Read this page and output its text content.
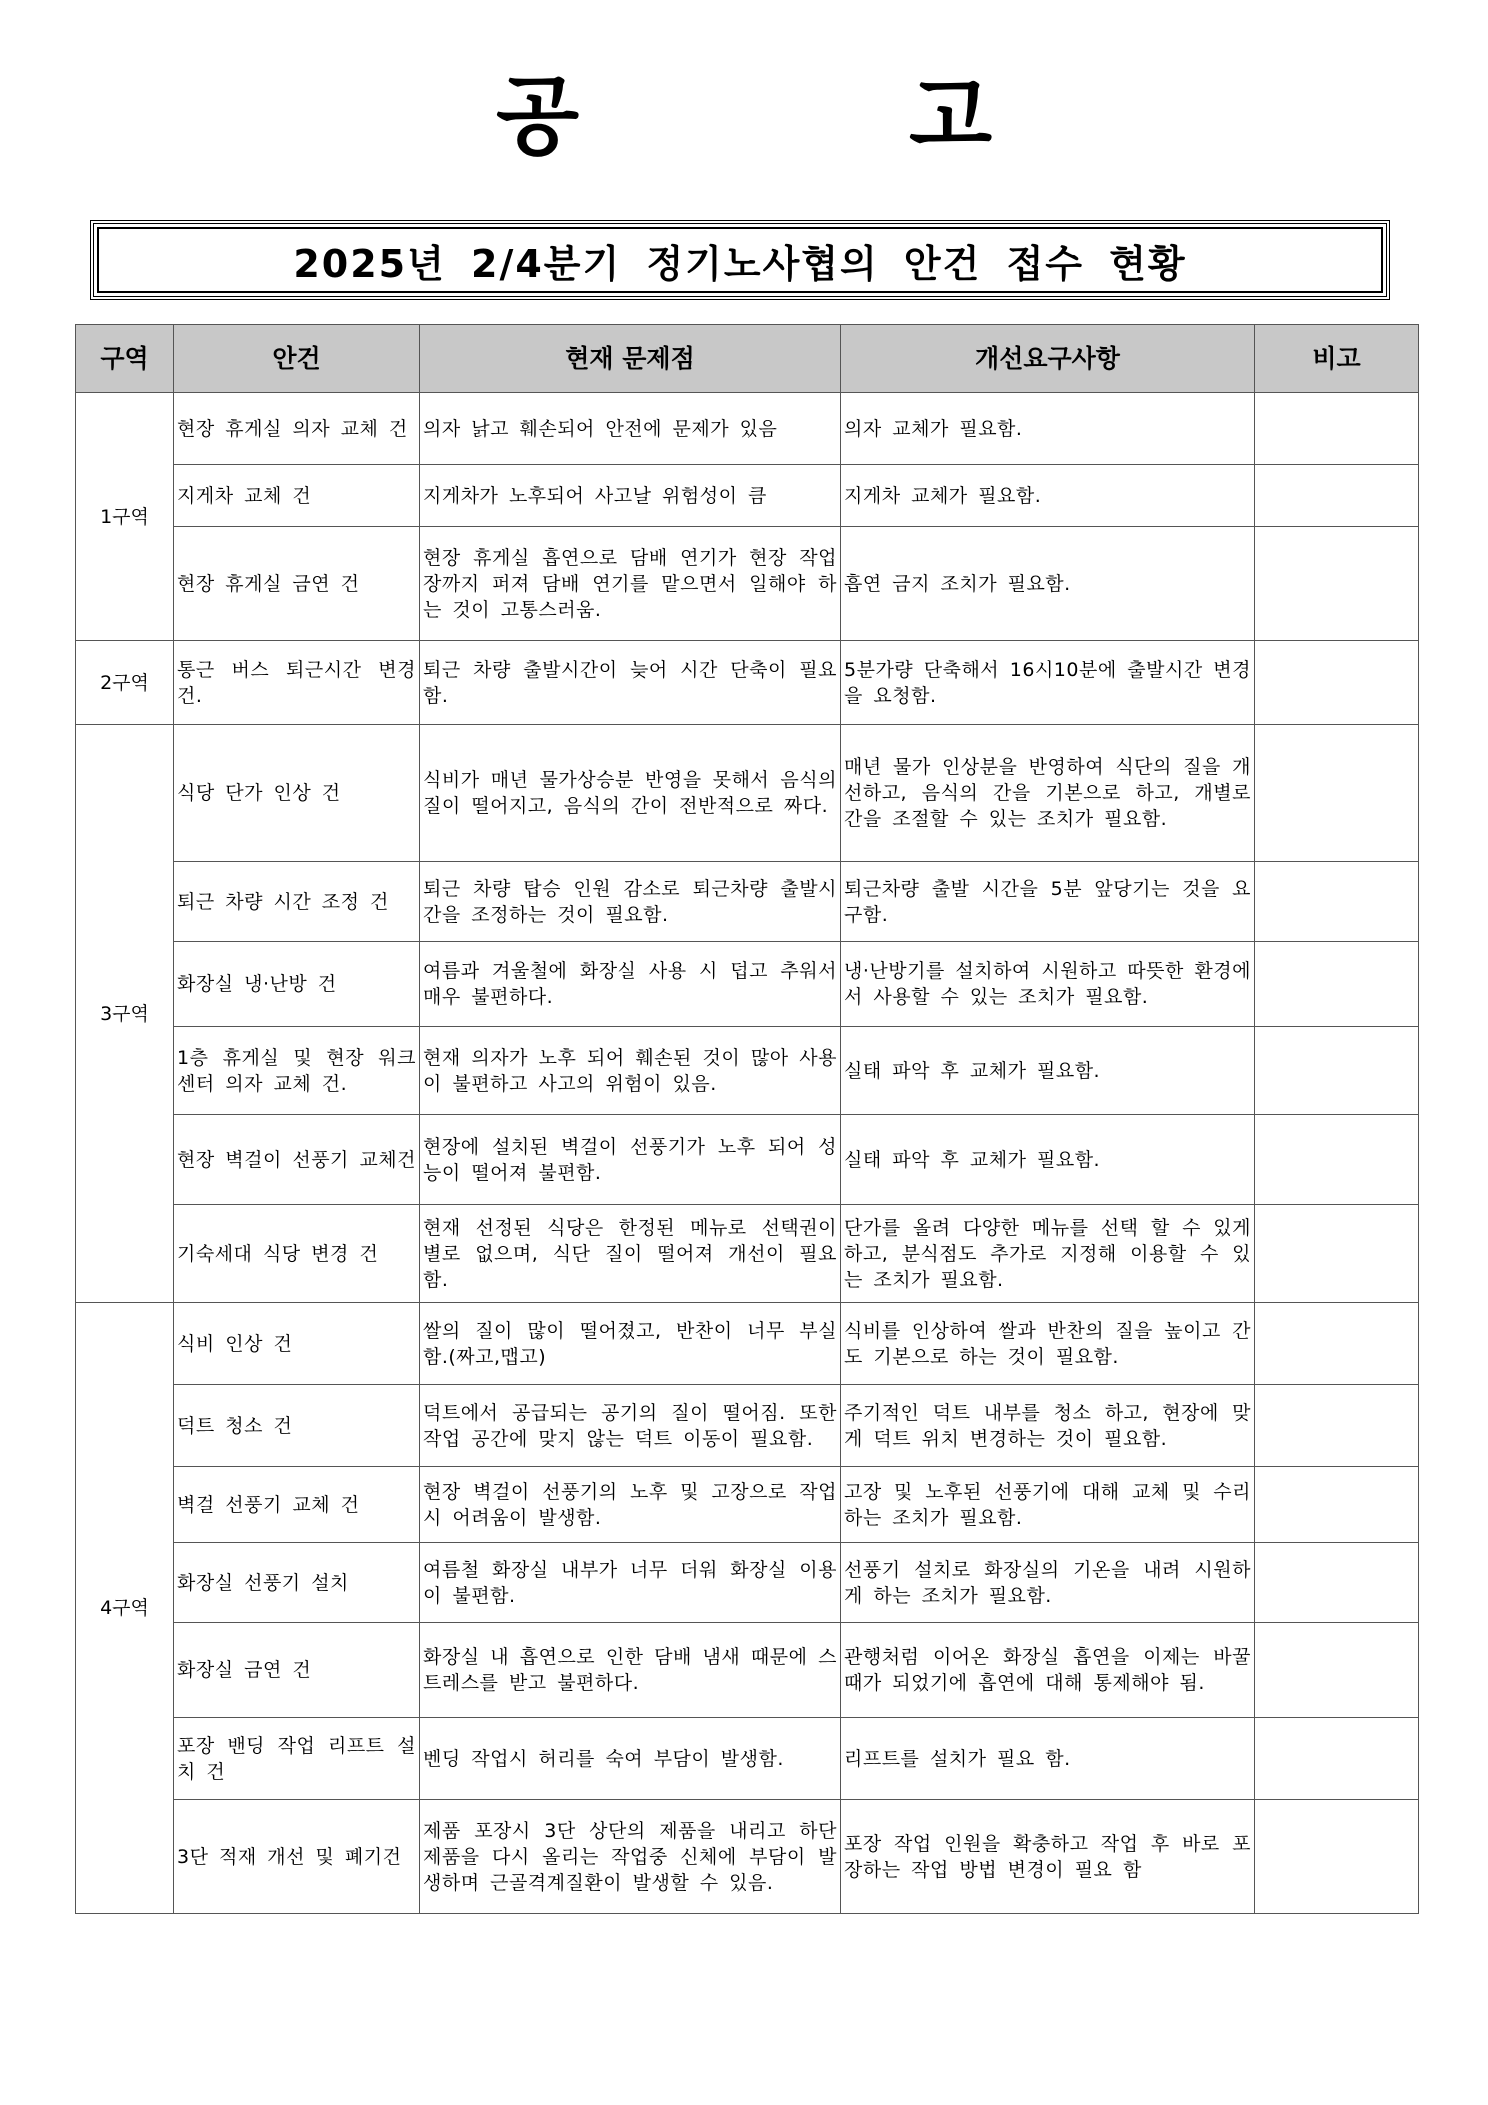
공 고
2025년 2/4분기 정기노사협의 안건 접수 현황
구역	안건	현재 문제점	개선요구사항	비고
1구역	현장 휴게실 의자 교체 건	의자 낡고 훼손되어 안전에 문제가 있음	의자 교체가 필요함.	
	지게차 교체 건	지게차가 노후되어 사고날 위험성이 큼	지게차 교체가 필요함.	
	현장 휴게실 금연 건	현장 휴게실 흡연으로 담배 연기가 현장 작업장까지 퍼져 담배 연기를 맡으면서 일해야 하는 것이 고통스러움.	흡연 금지 조치가 필요함.	
2구역	통근 버스 퇴근시간 변경 건.	퇴근 차량 출발시간이 늦어 시간 단축이 필요함.	5분가량 단축해서 16시10분에 출발시간 변경을 요청함.	
3구역	식당 단가 인상 건	식비가 매년 물가상승분 반영을 못해서 음식의 질이 떨어지고, 음식의 간이 전반적으로 짜다.	매년 물가 인상분을 반영하여 식단의 질을 개선하고, 음식의 간을 기본으로 하고, 개별로 간을 조절할 수 있는 조치가 필요함.	
	퇴근 차량 시간 조정 건	퇴근 차량 탑승 인원 감소로 퇴근차량 출발시간을 조정하는 것이 필요함.	퇴근차량 출발 시간을 5분 앞당기는 것을 요구함.	
	화장실 냉·난방 건	여름과 겨울철에 화장실 사용 시 덥고 추워서 매우 불편하다.	냉·난방기를 설치하여 시원하고 따뜻한 환경에서 사용할 수 있는 조치가 필요함.	
	1층 휴게실 및 현장 워크센터 의자 교체 건.	현재 의자가 노후 되어 훼손된 것이 많아 사용이 불편하고 사고의 위험이 있음.	실태 파악 후 교체가 필요함.	
	현장 벽걸이 선풍기 교체건	현장에 설치된 벽걸이 선풍기가 노후 되어 성능이 떨어져 불편함.	실태 파악 후 교체가 필요함.	
	기숙세대 식당 변경 건	현재 선정된 식당은 한정된 메뉴로 선택권이 별로 없으며, 식단 질이 떨어져 개선이 필요함.	단가를 올려 다양한 메뉴를 선택 할 수 있게 하고, 분식점도 추가로 지정해 이용할 수 있는 조치가 필요함.	
4구역	식비 인상 건	쌀의 질이 많이 떨어졌고, 반찬이 너무 부실함.(짜고,맵고)	식비를 인상하여 쌀과 반찬의 질을 높이고 간도 기본으로 하는 것이 필요함.	
	덕트 청소 건	덕트에서 공급되는 공기의 질이 떨어짐. 또한 작업 공간에 맞지 않는 덕트 이동이 필요함.	주기적인 덕트 내부를 청소 하고, 현장에 맞게 덕트 위치 변경하는 것이 필요함.	
	벽걸 선풍기 교체 건	현장 벽걸이 선풍기의 노후 및 고장으로 작업시 어려움이 발생함.	고장 및 노후된 선풍기에 대해 교체 및 수리하는 조치가 필요함.	
	화장실 선풍기 설치	여름철 화장실 내부가 너무 더워 화장실 이용이 불편함.	선풍기 설치로 화장실의 기온을 내려 시원하게 하는 조치가 필요함.	
	화장실 금연 건	화장실 내 흡연으로 인한 담배 냄새 때문에 스트레스를 받고 불편하다.	관행처럼 이어온 화장실 흡연을 이제는 바꿀 때가 되었기에 흡연에 대해 통제해야 됨.	
	포장 밴딩 작업 리프트 설치 건	벤딩 작업시 허리를 숙여 부담이 발생함.	리프트를 설치가 필요 함.	
	3단 적재 개선 및 폐기건	제품 포장시 3단 상단의 제품을 내리고 하단 제품을 다시 올리는 작업중 신체에 부담이 발생하며 근골격계질환이 발생할 수 있음.	포장 작업 인원을 확충하고 작업 후 바로 포장하는 작업 방법 변경이 필요 함	
